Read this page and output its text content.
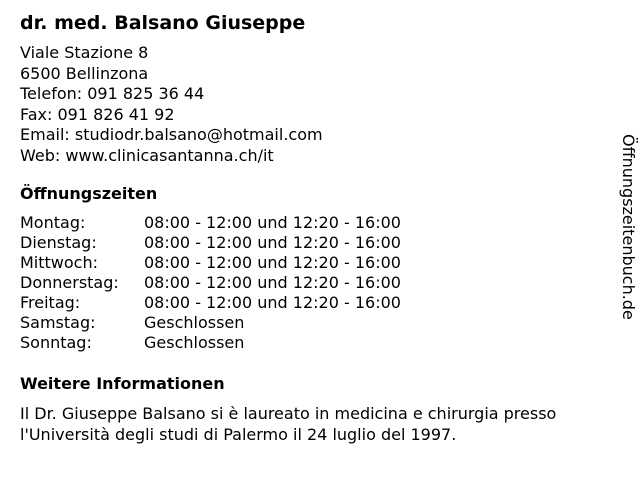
dr. med. Balsano Giuseppe
Viale Stazione 8
6500 Bellinzona
Telefon: 091 825 36 44
Fax: 091 826 41 92
Email: studiodr.balsano@hotmail.com
Web: www.clinicasantanna.ch/it
Öffnungszeiten
Montag:	08:00 - 12:00 und 12:20 - 16:00
Dienstag:	08:00 - 12:00 und 12:20 - 16:00
Mittwoch:	08:00 - 12:00 und 12:20 - 16:00
Donnerstag:	08:00 - 12:00 und 12:20 - 16:00
Freitag:	08:00 - 12:00 und 12:20 - 16:00
Samstag:	Geschlossen
Sonntag:	Geschlossen
Weitere Informationen
Il Dr. Giuseppe Balsano si è laureato in medicina e chirurgia presso
l'Università degli studi di Palermo il 24 luglio del 1997.
Öffnungszeitenbuch.de
